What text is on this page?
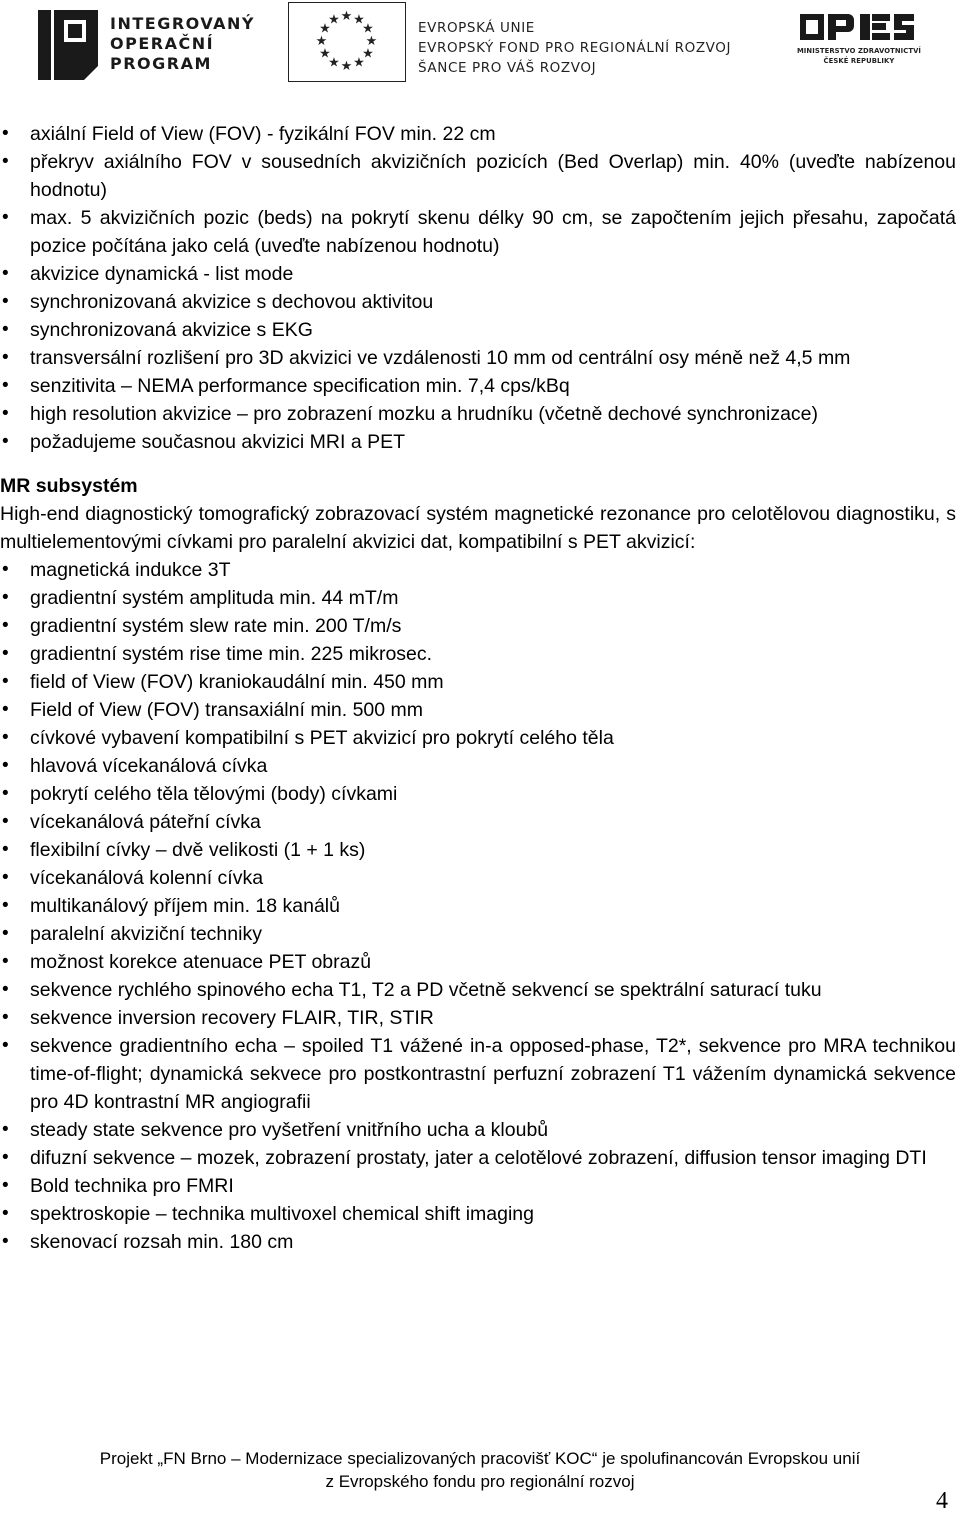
INTEGROVANÝ
OPERAČNÍ
PROGRAM
★ ★
★
★
★
★
★
★
★
★
★
★	EVROPSKÁ UNIE
EVROPSKÝ FOND PRO REGIONÁLNÍ ROZVOJ
ŠANCE PRO VÁŠ ROZVOJ
MINISTERSTVO ZDRAVOTNICTVÍ
ČESKÉ REPUBLIKY
• axiální Field of View (FOV) - fyzikální FOV min. 22 cm
• překryv axiálního FOV v sousedních akvizičních pozicích (Bed Overlap) min. 40% (uveďte nabízenou hodnotu)
• max. 5 akvizičních pozic (beds) na pokrytí skenu délky 90 cm, se započtením jejich přesahu, započatá pozice počítána jako celá (uveďte nabízenou hodnotu)
• akvizice dynamická - list mode
• synchronizovaná akvizice s dechovou aktivitou
• synchronizovaná akvizice s EKG
• transversální rozlišení pro 3D akvizici ve vzdálenosti 10 mm od centrální osy méně než 4,5 mm
• senzitivita – NEMA performance specification min. 7,4 cps/kBq
• high resolution akvizice – pro zobrazení mozku a hrudníku (včetně dechové synchronizace)
• požadujeme současnou akvizici MRI a PET
MR subsystém
High-end diagnostický tomografický zobrazovací systém magnetické rezonance pro celotělovou diagnostiku, s multielementovými cívkami pro paralelní akvizici dat, kompatibilní s PET akvizicí:
• magnetická indukce 3T
• gradientní systém amplituda min. 44 mT/m
• gradientní systém slew rate min. 200 T/m/s
• gradientní systém rise time min. 225 mikrosec.
• field of View (FOV) kraniokaudální min. 450 mm
• Field of View (FOV) transaxiální min. 500 mm
• cívkové vybavení kompatibilní s PET akvizicí pro pokrytí celého těla
• hlavová vícekanálová cívka
• pokrytí celého těla tělovými (body) cívkami
• vícekanálová páteřní cívka
• flexibilní cívky – dvě velikosti (1 + 1 ks)
• vícekanálová kolenní cívka
• multikanálový příjem min. 18 kanálů
• paralelní akviziční techniky
• možnost korekce atenuace PET obrazů
• sekvence rychlého spinového echa T1, T2 a PD včetně sekvencí se spektrální saturací tuku
• sekvence inversion recovery FLAIR, TIR, STIR
• sekvence gradientního echa – spoiled T1 vážené in-a opposed-phase, T2*, sekvence pro MRA technikou time-of-flight; dynamická sekvece pro postkontrastní perfuzní zobrazení T1 vážením dynamická sekvence pro 4D kontrastní MR angiografii
• steady state sekvence pro vyšetření vnitřního ucha a kloubů
• difuzní sekvence – mozek, zobrazení prostaty, jater a celotělové zobrazení, diffusion tensor imaging DTI
• Bold technika pro FMRI
• spektroskopie – technika multivoxel chemical shift imaging
• skenovací rozsah min. 180 cm
Projekt „FN Brno – Modernizace specializovaných pracovišť KOC“ je spolufinancován Evropskou unií
z Evropského fondu pro regionální rozvoj
4
